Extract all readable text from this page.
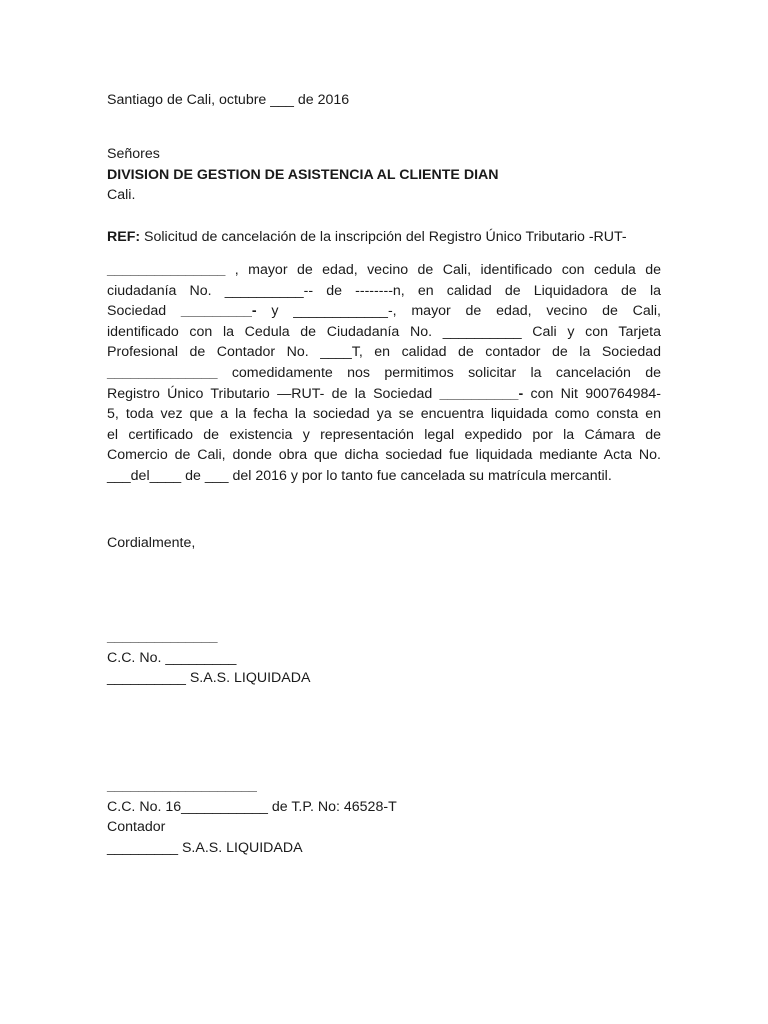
Santiago de Cali, octubre ___ de 2016
Señores
DIVISION DE GESTION DE ASISTENCIA AL CLIENTE DIAN
Cali.
REF: Solicitud de cancelación de la inscripción del Registro Único Tributario -RUT-
_______________ , mayor de edad, vecino de Cali, identificado con cedula de
ciudadanía No. __________-- de --------n, en calidad de Liquidadora de la
Sociedad _________- y ____________-, mayor de edad, vecino de Cali,
identificado con la Cedula de Ciudadanía No. __________ Cali y con Tarjeta
Profesional de Contador No. ____T, en calidad de contador de la Sociedad
______________ comedidamente nos permitimos solicitar la cancelación de
Registro Único Tributario —RUT- de la Sociedad __________- con Nit 900764984-
5, toda vez que a la fecha la sociedad ya se encuentra liquidada como consta en
el certificado de existencia y representación legal expedido por la Cámara de
Comercio de Cali, donde obra que dicha sociedad fue liquidada mediante Acta No.
___del____ de ___ del 2016 y por lo tanto fue cancelada su matrícula mercantil.
Cordialmente,
______________
C.C. No. _________
__________ S.A.S. LIQUIDADA
___________________
C.C. No. 16___________ de T.P. No: 46528-T
Contador
_________ S.A.S. LIQUIDADA
